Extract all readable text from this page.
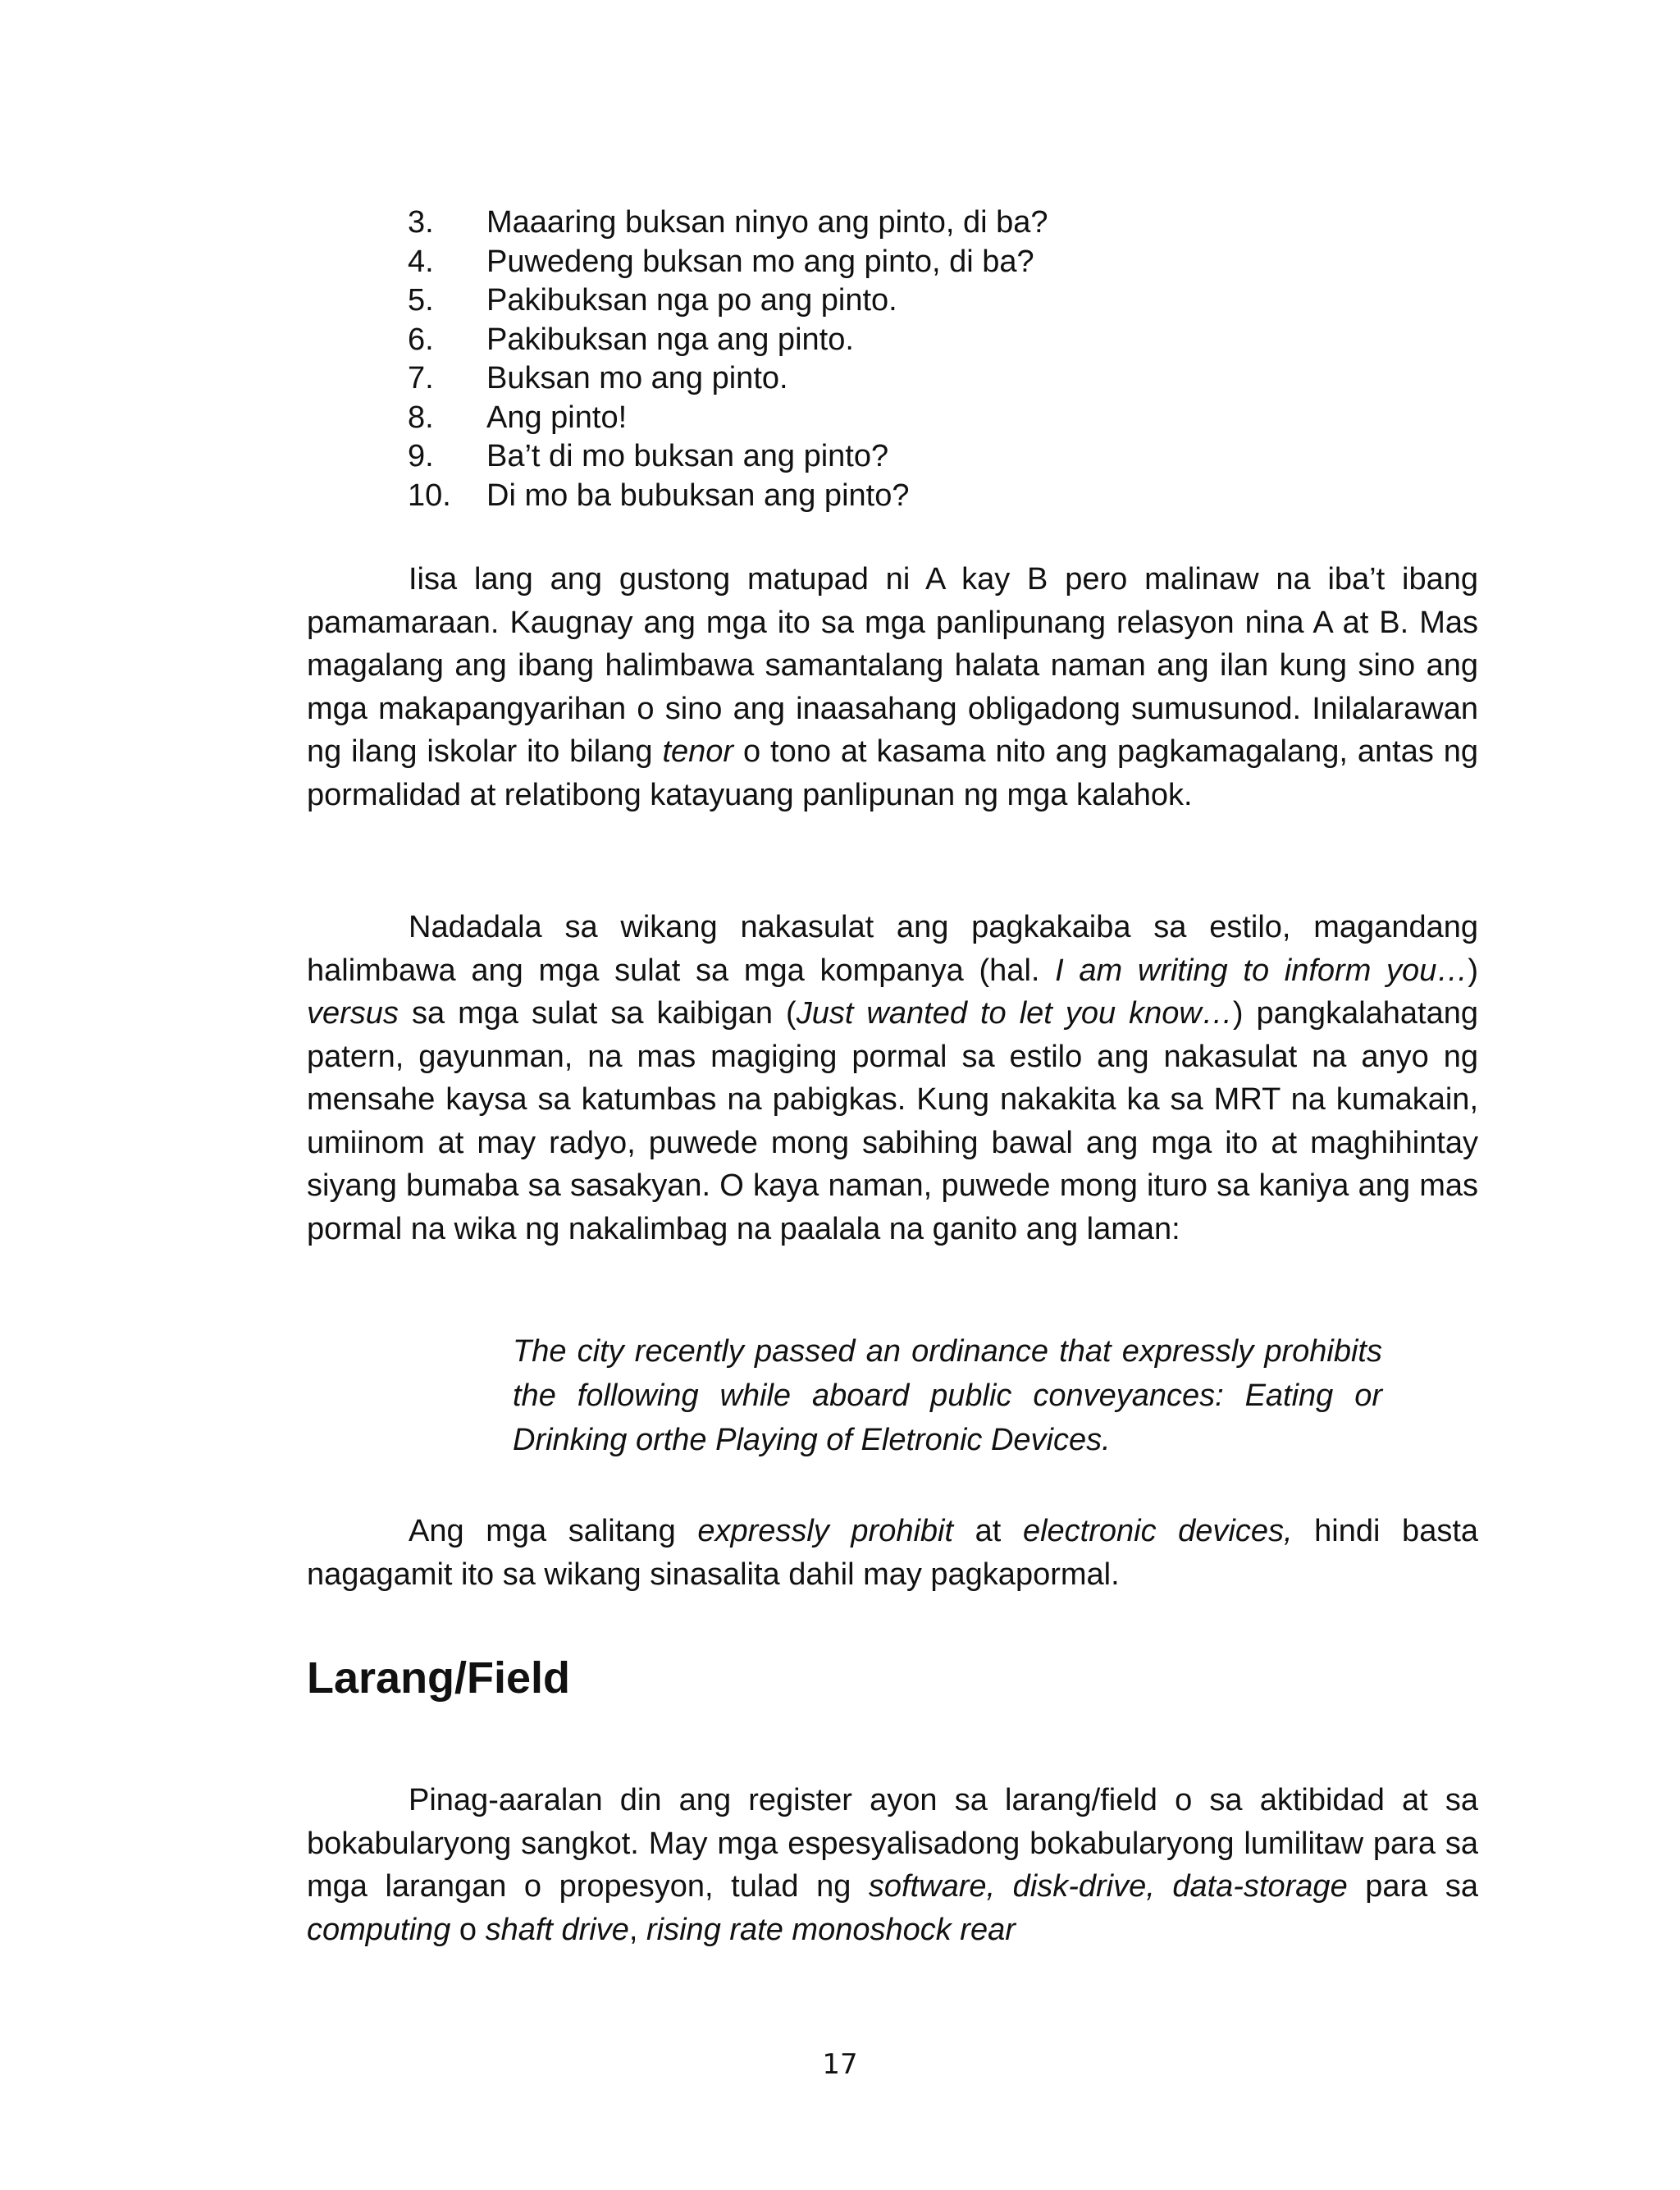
3.	Maaaring buksan ninyo ang pinto, di ba?
4.	Puwedeng buksan mo ang pinto, di ba?
5.	Pakibuksan nga po ang pinto.
6.	Pakibuksan nga ang pinto.
7.	Buksan mo ang pinto.
8.	Ang pinto!
9.	Ba’t di mo buksan ang pinto?
10.	Di mo ba bubuksan ang pinto?

Iisa lang ang gustong matupad ni A kay B pero malinaw na iba’t ibang pamamaraan. Kaugnay ang mga ito sa mga panlipunang relasyon nina A at B. Mas magalang ang ibang halimbawa samantalang halata naman ang ilan kung sino ang mga makapangyarihan o sino ang inaasahang obligadong sumusunod. Inilalarawan ng ilang iskolar ito bilang tenor o tono at kasama nito ang pagkamagalang, antas ng pormalidad at relatibong katayuang panlipunan ng mga kalahok.

Nadadala sa wikang nakasulat ang pagkakaiba sa estilo, magandang halimbawa ang mga sulat sa mga kompanya (hal. I am writing to inform you…) versus sa mga sulat sa kaibigan (Just wanted to let you know…) pangkalahatang patern, gayunman, na mas magiging pormal sa estilo ang nakasulat na anyo ng mensahe kaysa sa katumbas na pabigkas. Kung nakakita ka sa MRT na kumakain, umiinom at may radyo, puwede mong sabihing bawal ang mga ito at maghihintay siyang bumaba sa sasakyan. O kaya naman, puwede mong ituro sa kaniya ang mas pormal na wika ng nakalimbag na paalala na ganito ang laman:

The city recently passed an ordinance that expressly prohibits the following while aboard public conveyances: Eating or Drinking orthe Playing of Eletronic Devices.

Ang mga salitang expressly prohibit at electronic devices, hindi basta nagagamit ito sa wikang sinasalita dahil may pagkapormal.

Larang/Field

Pinag-aaralan din ang register ayon sa larang/field o sa aktibidad at sa bokabularyong sangkot. May mga espesyalisadong bokabularyong lumilitaw para sa mga larangan o propesyon, tulad ng software, disk-drive, data-storage para sa computing o shaft drive, rising rate monoshock rear

17
